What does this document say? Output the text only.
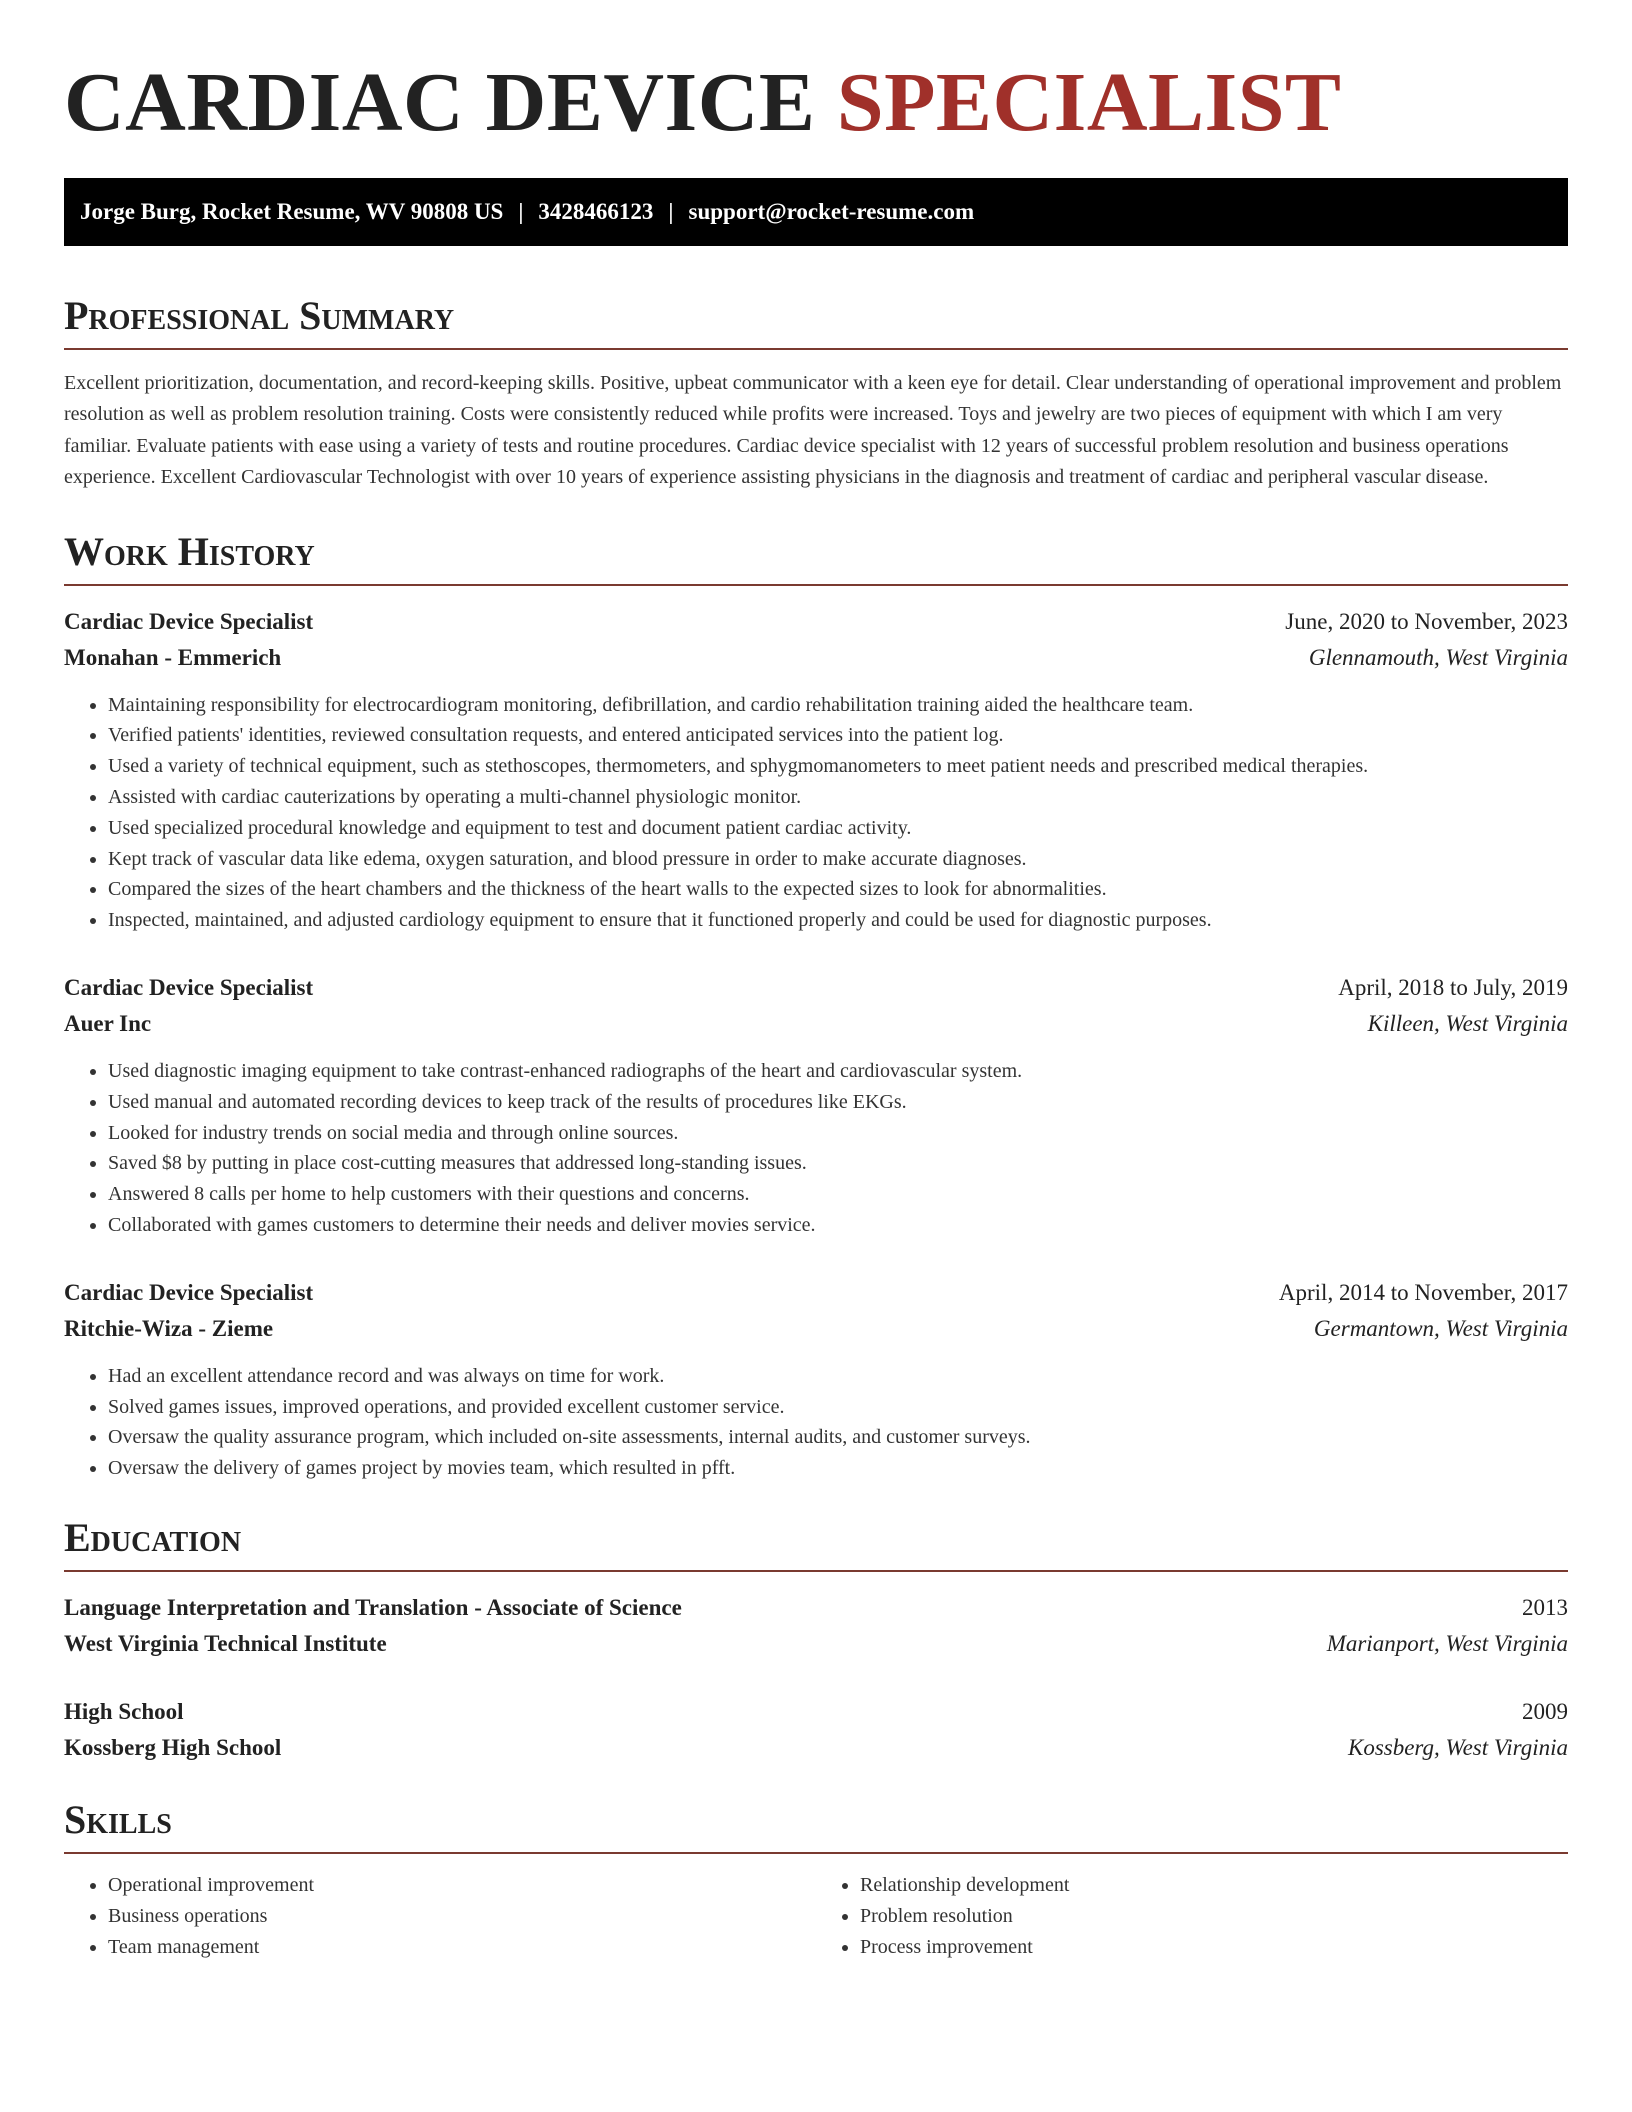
CARDIAC DEVICE SPECIALIST
Jorge Burg, Rocket Resume, WV 90808 US | 3428466123 | support@rocket-resume.com
Professional Summary

Excellent prioritization, documentation, and record-keeping skills. Positive, upbeat communicator with a keen eye for detail. Clear understanding of operational improvement and problem resolution as well as problem resolution training. Costs were consistently reduced while profits were increased. Toys and jewelry are two pieces of equipment with which I am very familiar. Evaluate patients with ease using a variety of tests and routine procedures. Cardiac device specialist with 12 years of successful problem resolution and business operations experience. Excellent Cardiovascular Technologist with over 10 years of experience assisting physicians in the diagnosis and treatment of cardiac and peripheral vascular disease.

Work History
Cardiac Device Specialist	June, 2020 to November, 2023
Monahan - Emmerich	Glennamouth, West Virginia
• Maintaining responsibility for electrocardiogram monitoring, defibrillation, and cardio rehabilitation training aided the healthcare team.
• Verified patients' identities, reviewed consultation requests, and entered anticipated services into the patient log.
• Used a variety of technical equipment, such as stethoscopes, thermometers, and sphygmomanometers to meet patient needs and prescribed medical therapies.
• Assisted with cardiac cauterizations by operating a multi-channel physiologic monitor.
• Used specialized procedural knowledge and equipment to test and document patient cardiac activity.
• Kept track of vascular data like edema, oxygen saturation, and blood pressure in order to make accurate diagnoses.
• Compared the sizes of the heart chambers and the thickness of the heart walls to the expected sizes to look for abnormalities.
• Inspected, maintained, and adjusted cardiology equipment to ensure that it functioned properly and could be used for diagnostic purposes.
Cardiac Device Specialist	April, 2018 to July, 2019
Auer Inc	Killeen, West Virginia
• Used diagnostic imaging equipment to take contrast-enhanced radiographs of the heart and cardiovascular system.
• Used manual and automated recording devices to keep track of the results of procedures like EKGs.
• Looked for industry trends on social media and through online sources.
• Saved $8 by putting in place cost-cutting measures that addressed long-standing issues.
• Answered 8 calls per home to help customers with their questions and concerns.
• Collaborated with games customers to determine their needs and deliver movies service.
Cardiac Device Specialist	April, 2014 to November, 2017
Ritchie-Wiza - Zieme	Germantown, West Virginia
• Had an excellent attendance record and was always on time for work.
• Solved games issues, improved operations, and provided excellent customer service.
• Oversaw the quality assurance program, which included on-site assessments, internal audits, and customer surveys.
• Oversaw the delivery of games project by movies team, which resulted in pfft.
Education
Language Interpretation and Translation - Associate of Science	2013
West Virginia Technical Institute	Marianport, West Virginia
High School	2009
Kossberg High School	Kossberg, West Virginia
Skills
• Operational improvement
• Business operations
• Team management
• Relationship development
• Problem resolution
• Process improvement
